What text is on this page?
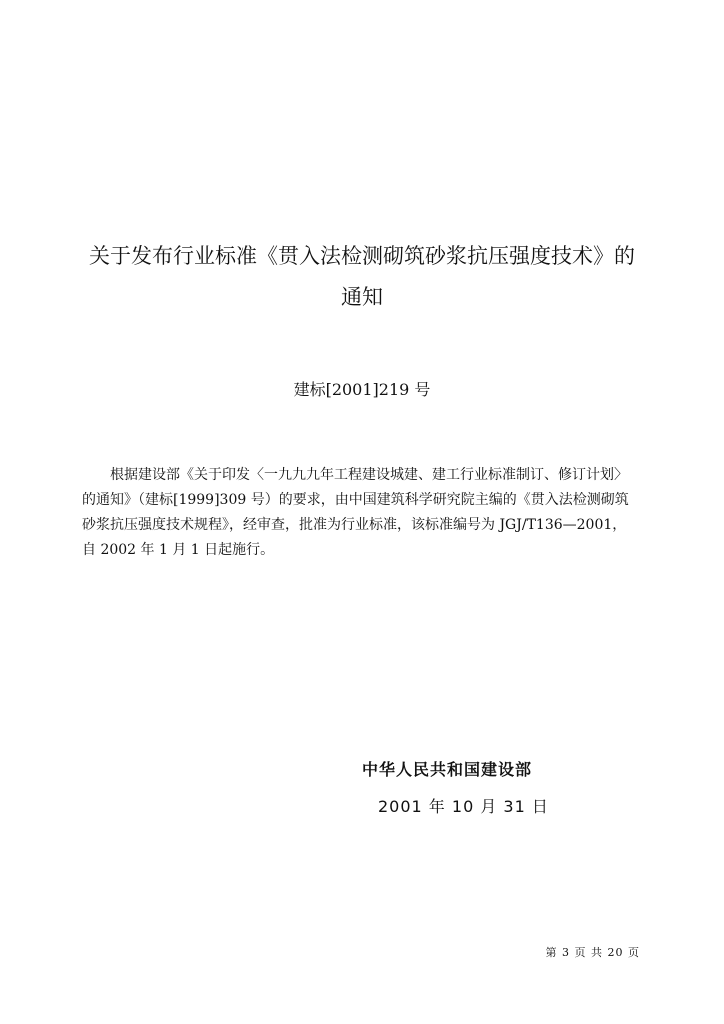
关于发布行业标准《贯入法检测砌筑砂浆抗压强度技术》的
通知
建标[2001]219 号
根据建设部《关于印发〈一九九九年工程建设城建、建工行业标准制订、修订计划〉
的通知》（建标[1999]309 号）的要求，由中国建筑科学研究院主编的《贯入法检测砌筑
砂浆抗压强度技术规程》，经审查，批准为行业标准，该标准编号为 JGJ/T136—2001，
自 2002 年 1 月 1 日起施行。
中华人民共和国建设部
2001 年 10 月 31 日
第 3 页 共 20 页
